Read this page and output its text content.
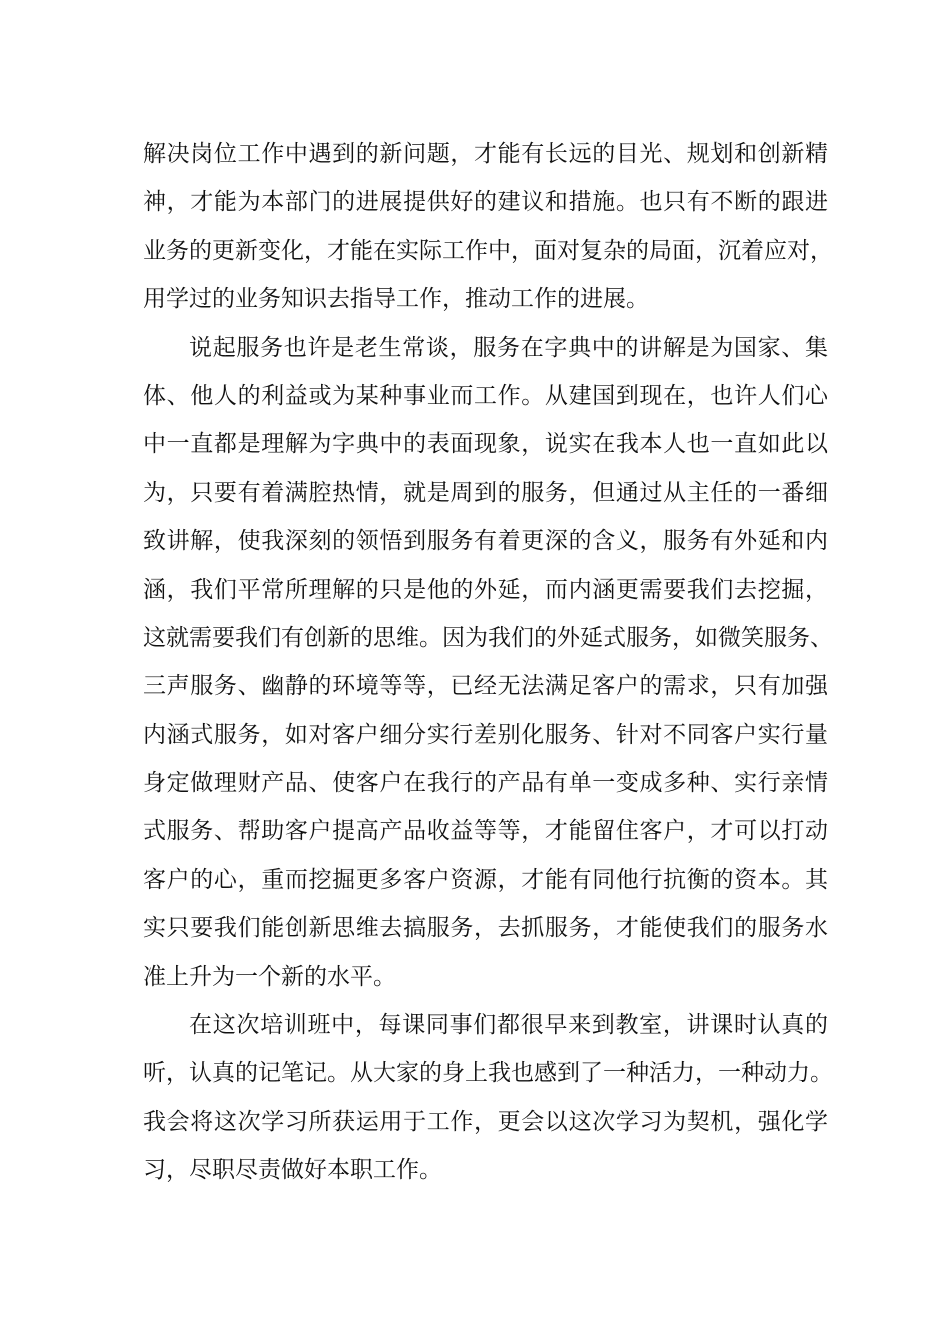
解决岗位工作中遇到的新问题，才能有长远的目光、规划和创新精
神，才能为本部门的进展提供好的建议和措施。也只有不断的跟进
业务的更新变化，才能在实际工作中，面对复杂的局面，沉着应对，
用学过的业务知识去指导工作，推动工作的进展。
说起服务也许是老生常谈，服务在字典中的讲解是为国家、集
体、他人的利益或为某种事业而工作。从建国到现在，也许人们心
中一直都是理解为字典中的表面现象，说实在我本人也一直如此以
为，只要有着满腔热情，就是周到的服务，但通过从主任的一番细
致讲解，使我深刻的领悟到服务有着更深的含义，服务有外延和内
涵，我们平常所理解的只是他的外延，而内涵更需要我们去挖掘，
这就需要我们有创新的思维。因为我们的外延式服务，如微笑服务、
三声服务、幽静的环境等等，已经无法满足客户的需求，只有加强
内涵式服务，如对客户细分实行差别化服务、针对不同客户实行量
身定做理财产品、使客户在我行的产品有单一变成多种、实行亲情
式服务、帮助客户提高产品收益等等，才能留住客户，才可以打动
客户的心，重而挖掘更多客户资源，才能有同他行抗衡的资本。其
实只要我们能创新思维去搞服务，去抓服务，才能使我们的服务水
准上升为一个新的水平。
在这次培训班中，每课同事们都很早来到教室，讲课时认真的
听，认真的记笔记。从大家的身上我也感到了一种活力，一种动力。
我会将这次学习所获运用于工作，更会以这次学习为契机，强化学
习，尽职尽责做好本职工作。
